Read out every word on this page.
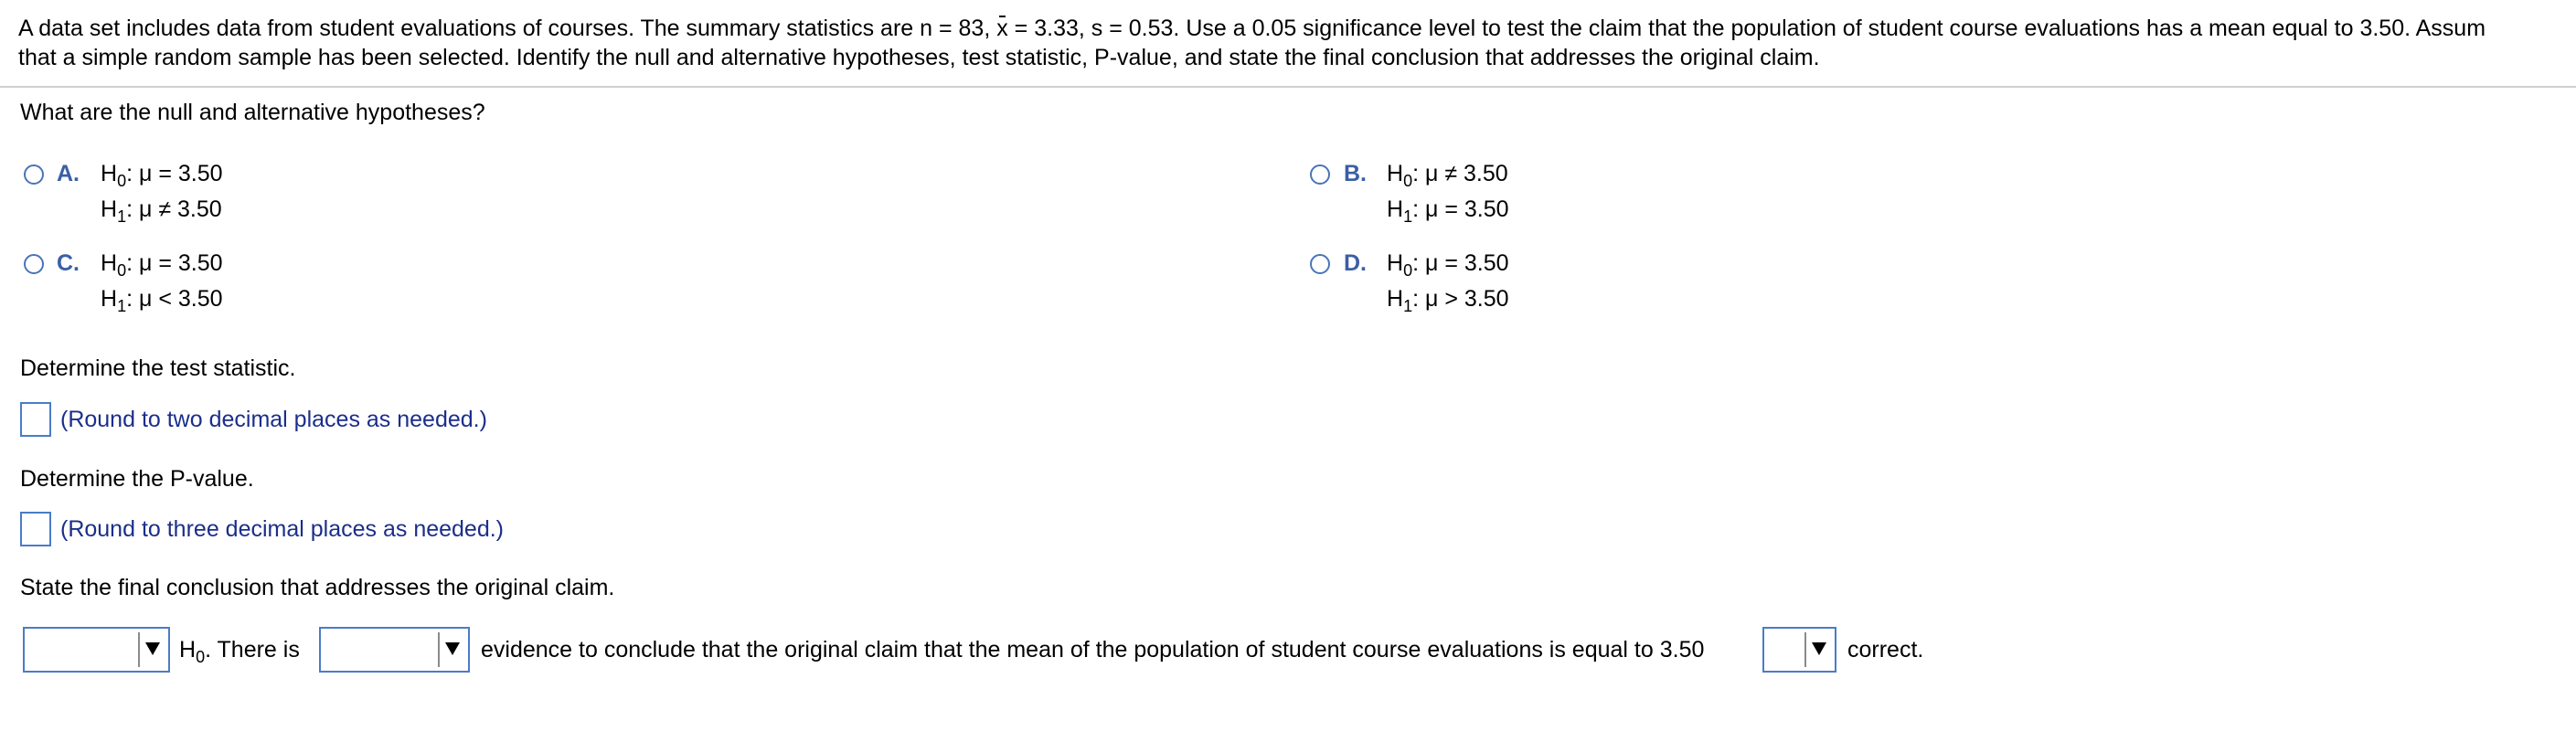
A data set includes data from student evaluations of courses. The summary statistics are n = 83, x = 3.33, s = 0.53. Use a 0.05 significance level to test the claim that the population of student course evaluations has a mean equal to 3.50. Assum
that a simple random sample has been selected. Identify the null and alternative hypotheses, test statistic, P-value, and state the final conclusion that addresses the original claim.
What are the null and alternative hypotheses?
A. $H_0$: μ = 3.50
$H_1$: μ ≠ 3.50
B. $H_0$: μ ≠ 3.50
$H_1$: μ = 3.50
C. $H_0$: μ = 3.50
$H_1$: μ < 3.50
D. $H_0$: μ = 3.50
$H_1$: μ > 3.50
Determine the test statistic.
(Round to two decimal places as needed.)
Determine the P-value.
(Round to three decimal places as needed.)
State the final conclusion that addresses the original claim.
$H_0$. There is	evidence to conclude that the original claim that the mean of the population of student course evaluations is equal to 3.50	correct.
